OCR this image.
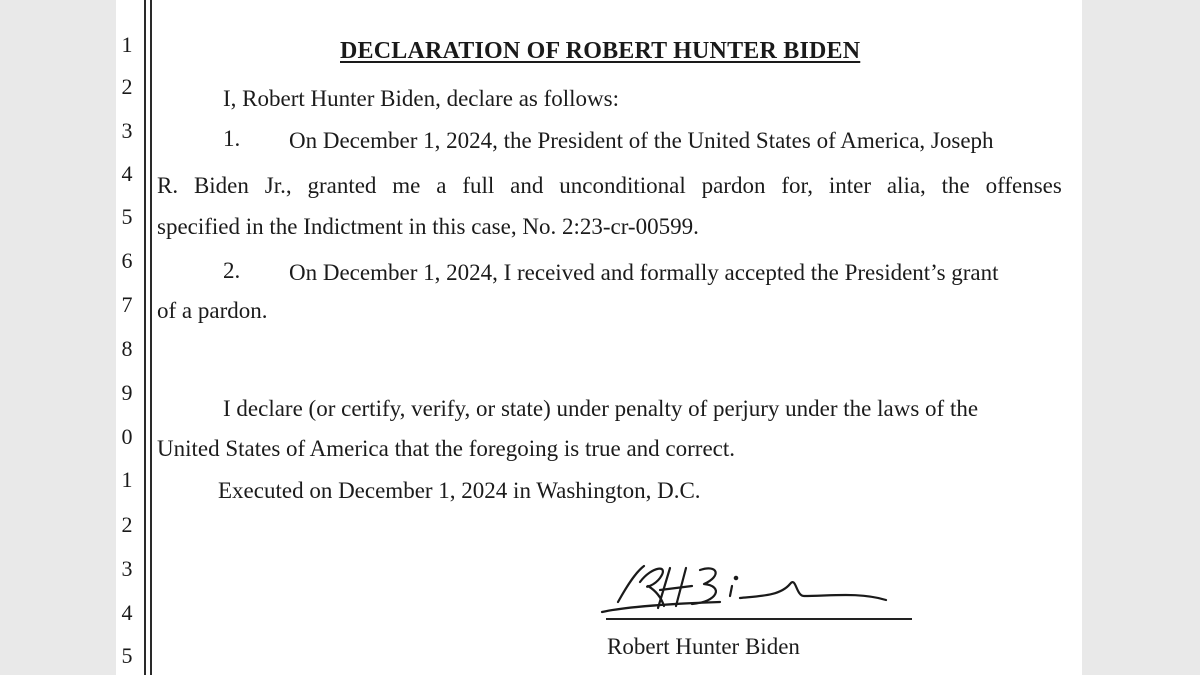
1
2
3
4
5
6
7
8
9
0
1
2
3
4
5
DECLARATION OF ROBERT HUNTER BIDEN
I, Robert Hunter Biden, declare as follows:
1. On December 1, 2024, the President of the United States of America, Joseph
R. Biden Jr., granted me a full and unconditional pardon for, inter alia, the offenses
specified in the Indictment in this case, No. 2:23-cr-00599.
2. On December 1, 2024, I received and formally accepted the President’s grant
of a pardon.
I declare (or certify, verify, or state) under penalty of perjury under the laws of the
United States of America that the foregoing is true and correct.
Executed on December 1, 2024 in Washington, D.C.
Robert Hunter Biden
